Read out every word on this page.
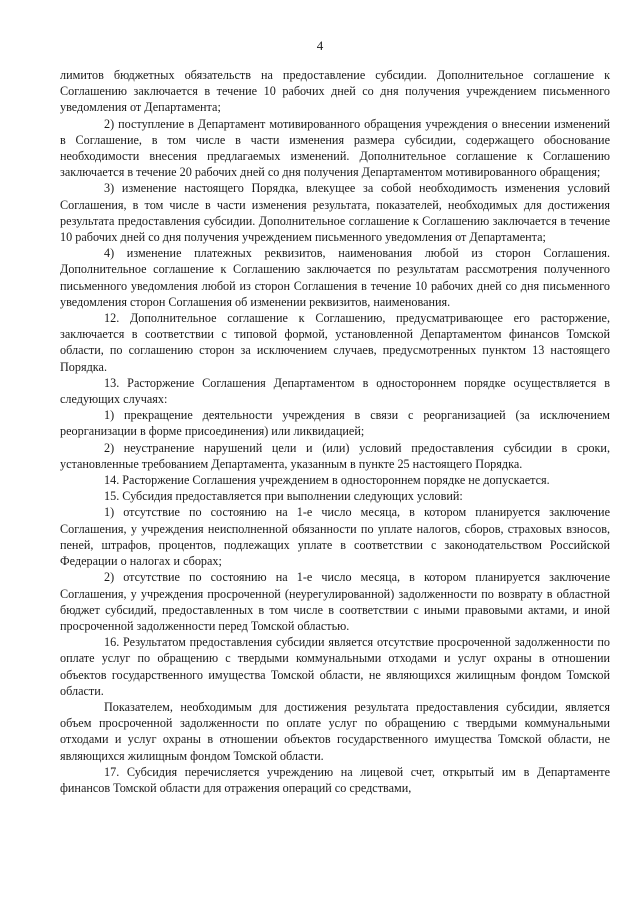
4

лимитов бюджетных обязательств на предоставление субсидии. Дополнительное соглашение к Соглашению заключается в течение 10 рабочих дней со дня получения учреждением письменного уведомления от Департамента;

2) поступление в Департамент мотивированного обращения учреждения о внесении изменений в Соглашение, в том числе в части изменения размера субсидии, содержащего обоснование необходимости внесения предлагаемых изменений. Дополнительное соглашение к Соглашению заключается в течение 20 рабочих дней со дня получения Департаментом мотивированного обращения;

3) изменение настоящего Порядка, влекущее за собой необходимость изменения условий Соглашения, в том числе в части изменения результата, показателей, необходимых для достижения результата предоставления субсидии. Дополнительное соглашение к Соглашению заключается в течение 10 рабочих дней со дня получения учреждением письменного уведомления от Департамента;

4) изменение платежных реквизитов, наименования любой из сторон Соглашения. Дополнительное соглашение к Соглашению заключается по результатам рассмотрения полученного письменного уведомления любой из сторон Соглашения в течение 10 рабочих дней со дня письменного уведомления сторон Соглашения об изменении реквизитов, наименования.

12. Дополнительное соглашение к Соглашению, предусматривающее его расторжение, заключается в соответствии с типовой формой, установленной Департаментом финансов Томской области, по соглашению сторон за исключением случаев, предусмотренных пунктом 13 настоящего Порядка.

13. Расторжение Соглашения Департаментом в одностороннем порядке осуществляется в следующих случаях:

1) прекращение деятельности учреждения в связи с реорганизацией (за исключением реорганизации в форме присоединения) или ликвидацией;

2) неустранение нарушений цели и (или) условий предоставления субсидии в сроки, установленные требованием Департамента, указанным в пункте 25 настоящего Порядка.

14. Расторжение Соглашения учреждением в одностороннем порядке не допускается.

15. Субсидия предоставляется при выполнении следующих условий:

1) отсутствие по состоянию на 1-е число месяца, в котором планируется заключение Соглашения, у учреждения неисполненной обязанности по уплате налогов, сборов, страховых взносов, пеней, штрафов, процентов, подлежащих уплате в соответствии с законодательством Российской Федерации о налогах и сборах;

2) отсутствие по состоянию на 1-е число месяца, в котором планируется заключение Соглашения, у учреждения просроченной (неурегулированной) задолженности по возврату в областной бюджет субсидий, предоставленных в том числе в соответствии с иными правовыми актами, и иной просроченной задолженности перед Томской областью.

16. Результатом предоставления субсидии является отсутствие просроченной задолженности по оплате услуг по обращению с твердыми коммунальными отходами и услуг охраны в отношении объектов государственного имущества Томской области, не являющихся жилищным фондом Томской области.

Показателем, необходимым для достижения результата предоставления субсидии, является объем просроченной задолженности по оплате услуг по обращению с твердыми коммунальными отходами и услуг охраны в отношении объектов государственного имущества Томской области, не являющихся жилищным фондом Томской области.

17. Субсидия перечисляется учреждению на лицевой счет, открытый им в Департаменте финансов Томской области для отражения операций со средствами,
